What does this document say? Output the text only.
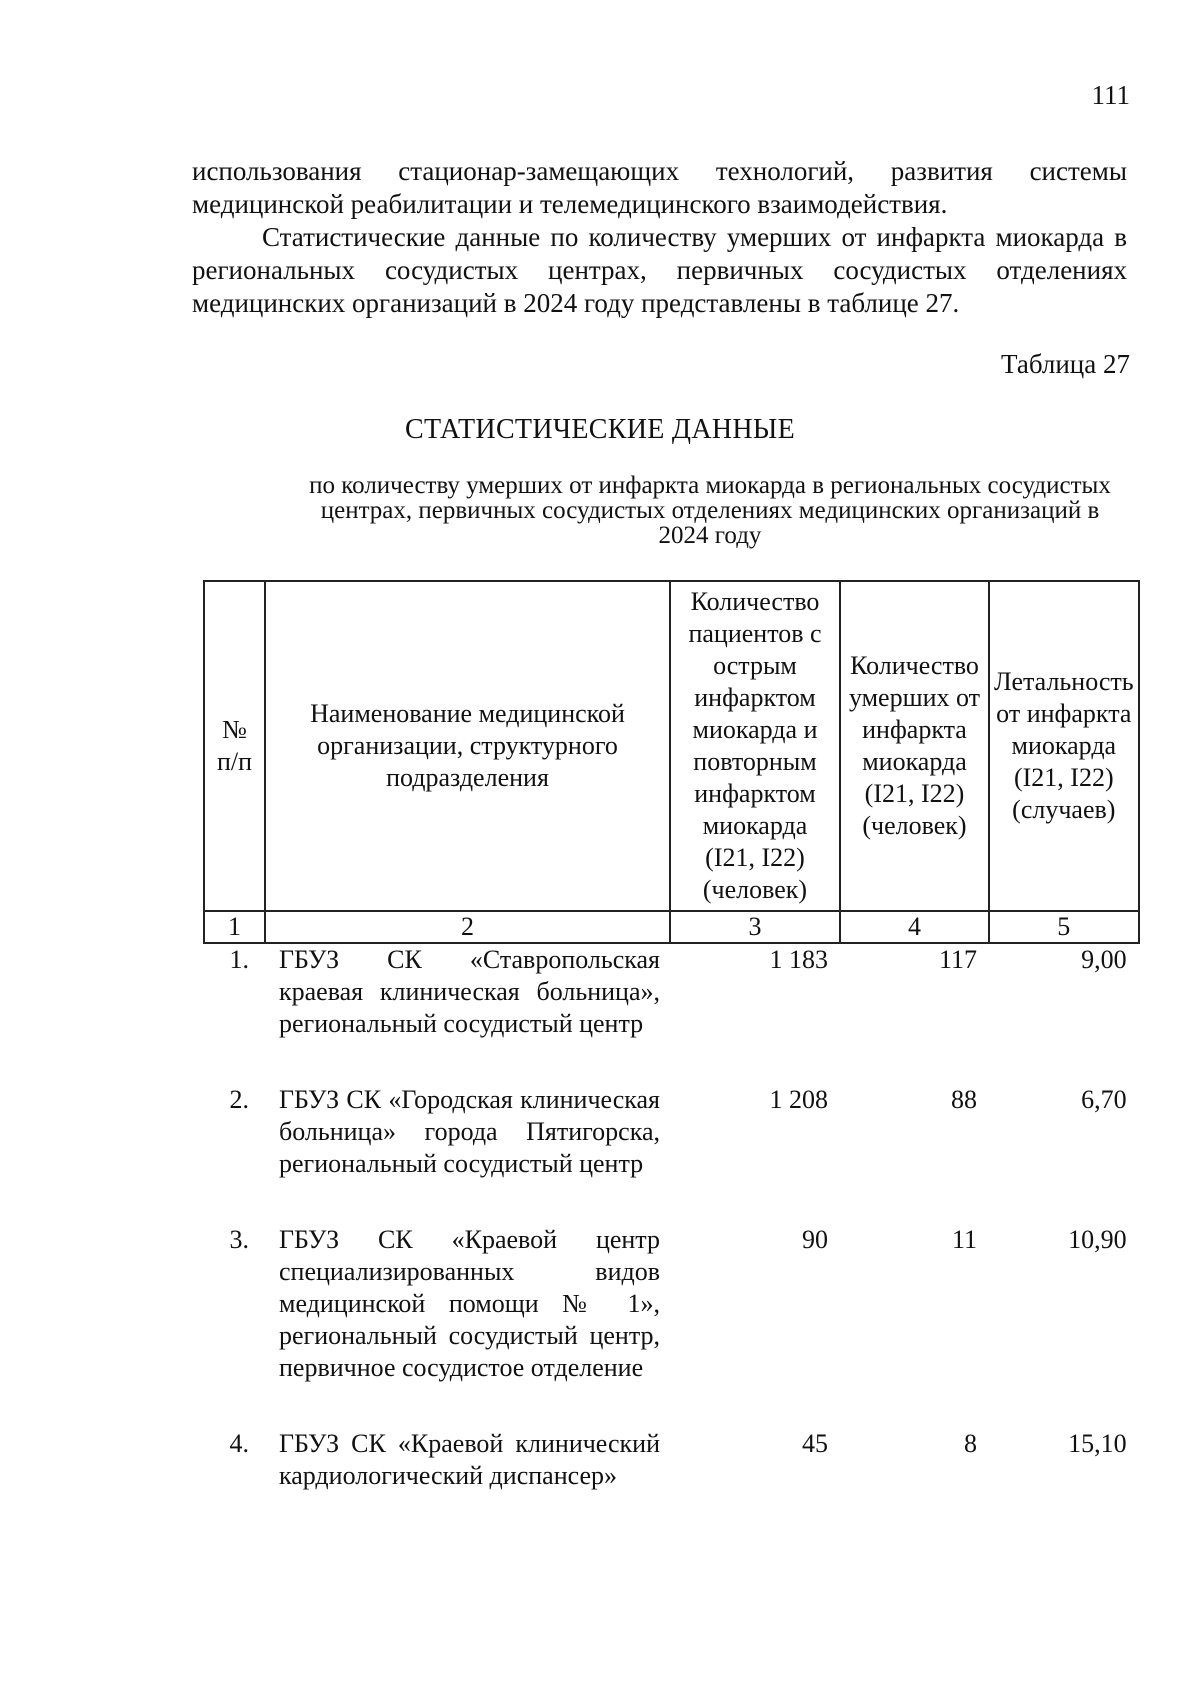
111

использования стационар-замещающих технологий, развития системы медицинской реабилитации и телемедицинского взаимодействия.

Статистические данные по количеству умерших от инфаркта миокарда в региональных сосудистых центрах, первичных сосудистых отделениях медицинских организаций в 2024 году представлены в таблице 27.

Таблица 27
СТАТИСТИЧЕСКИЕ ДАННЫЕ
по количеству умерших от инфаркта миокарда в региональных сосудистых центрах, первичных сосудистых отделениях медицинских организаций в 2024 году
№ п/п	Наименование медицинской организации, структурного подразделения	Количество пациентов с острым инфарктом миокарда и повторным инфарктом миокарда (I21, I22) (человек)	Количество умерших от инфаркта миокарда (I21, I22) (человек)	Летальность от инфаркта миокарда (I21, I22) (случаев)
1	2	3	4	5
1.	ГБУЗ СК «Ставропольская краевая клиническая больница», региональный сосудистый центр	1 183	117	9,00
2.	ГБУЗ СК «Городская клиническая больница» города Пятигорска, региональный сосудистый центр	1 208	88	6,70
3.	ГБУЗ СК «Краевой центр специализированных видов медицинской помощи № 1», региональный сосудистый центр, первичное сосудистое отделение	90	11	10,90
4.	ГБУЗ СК «Краевой клинический кардиологический диспансер»	45	8	15,10
